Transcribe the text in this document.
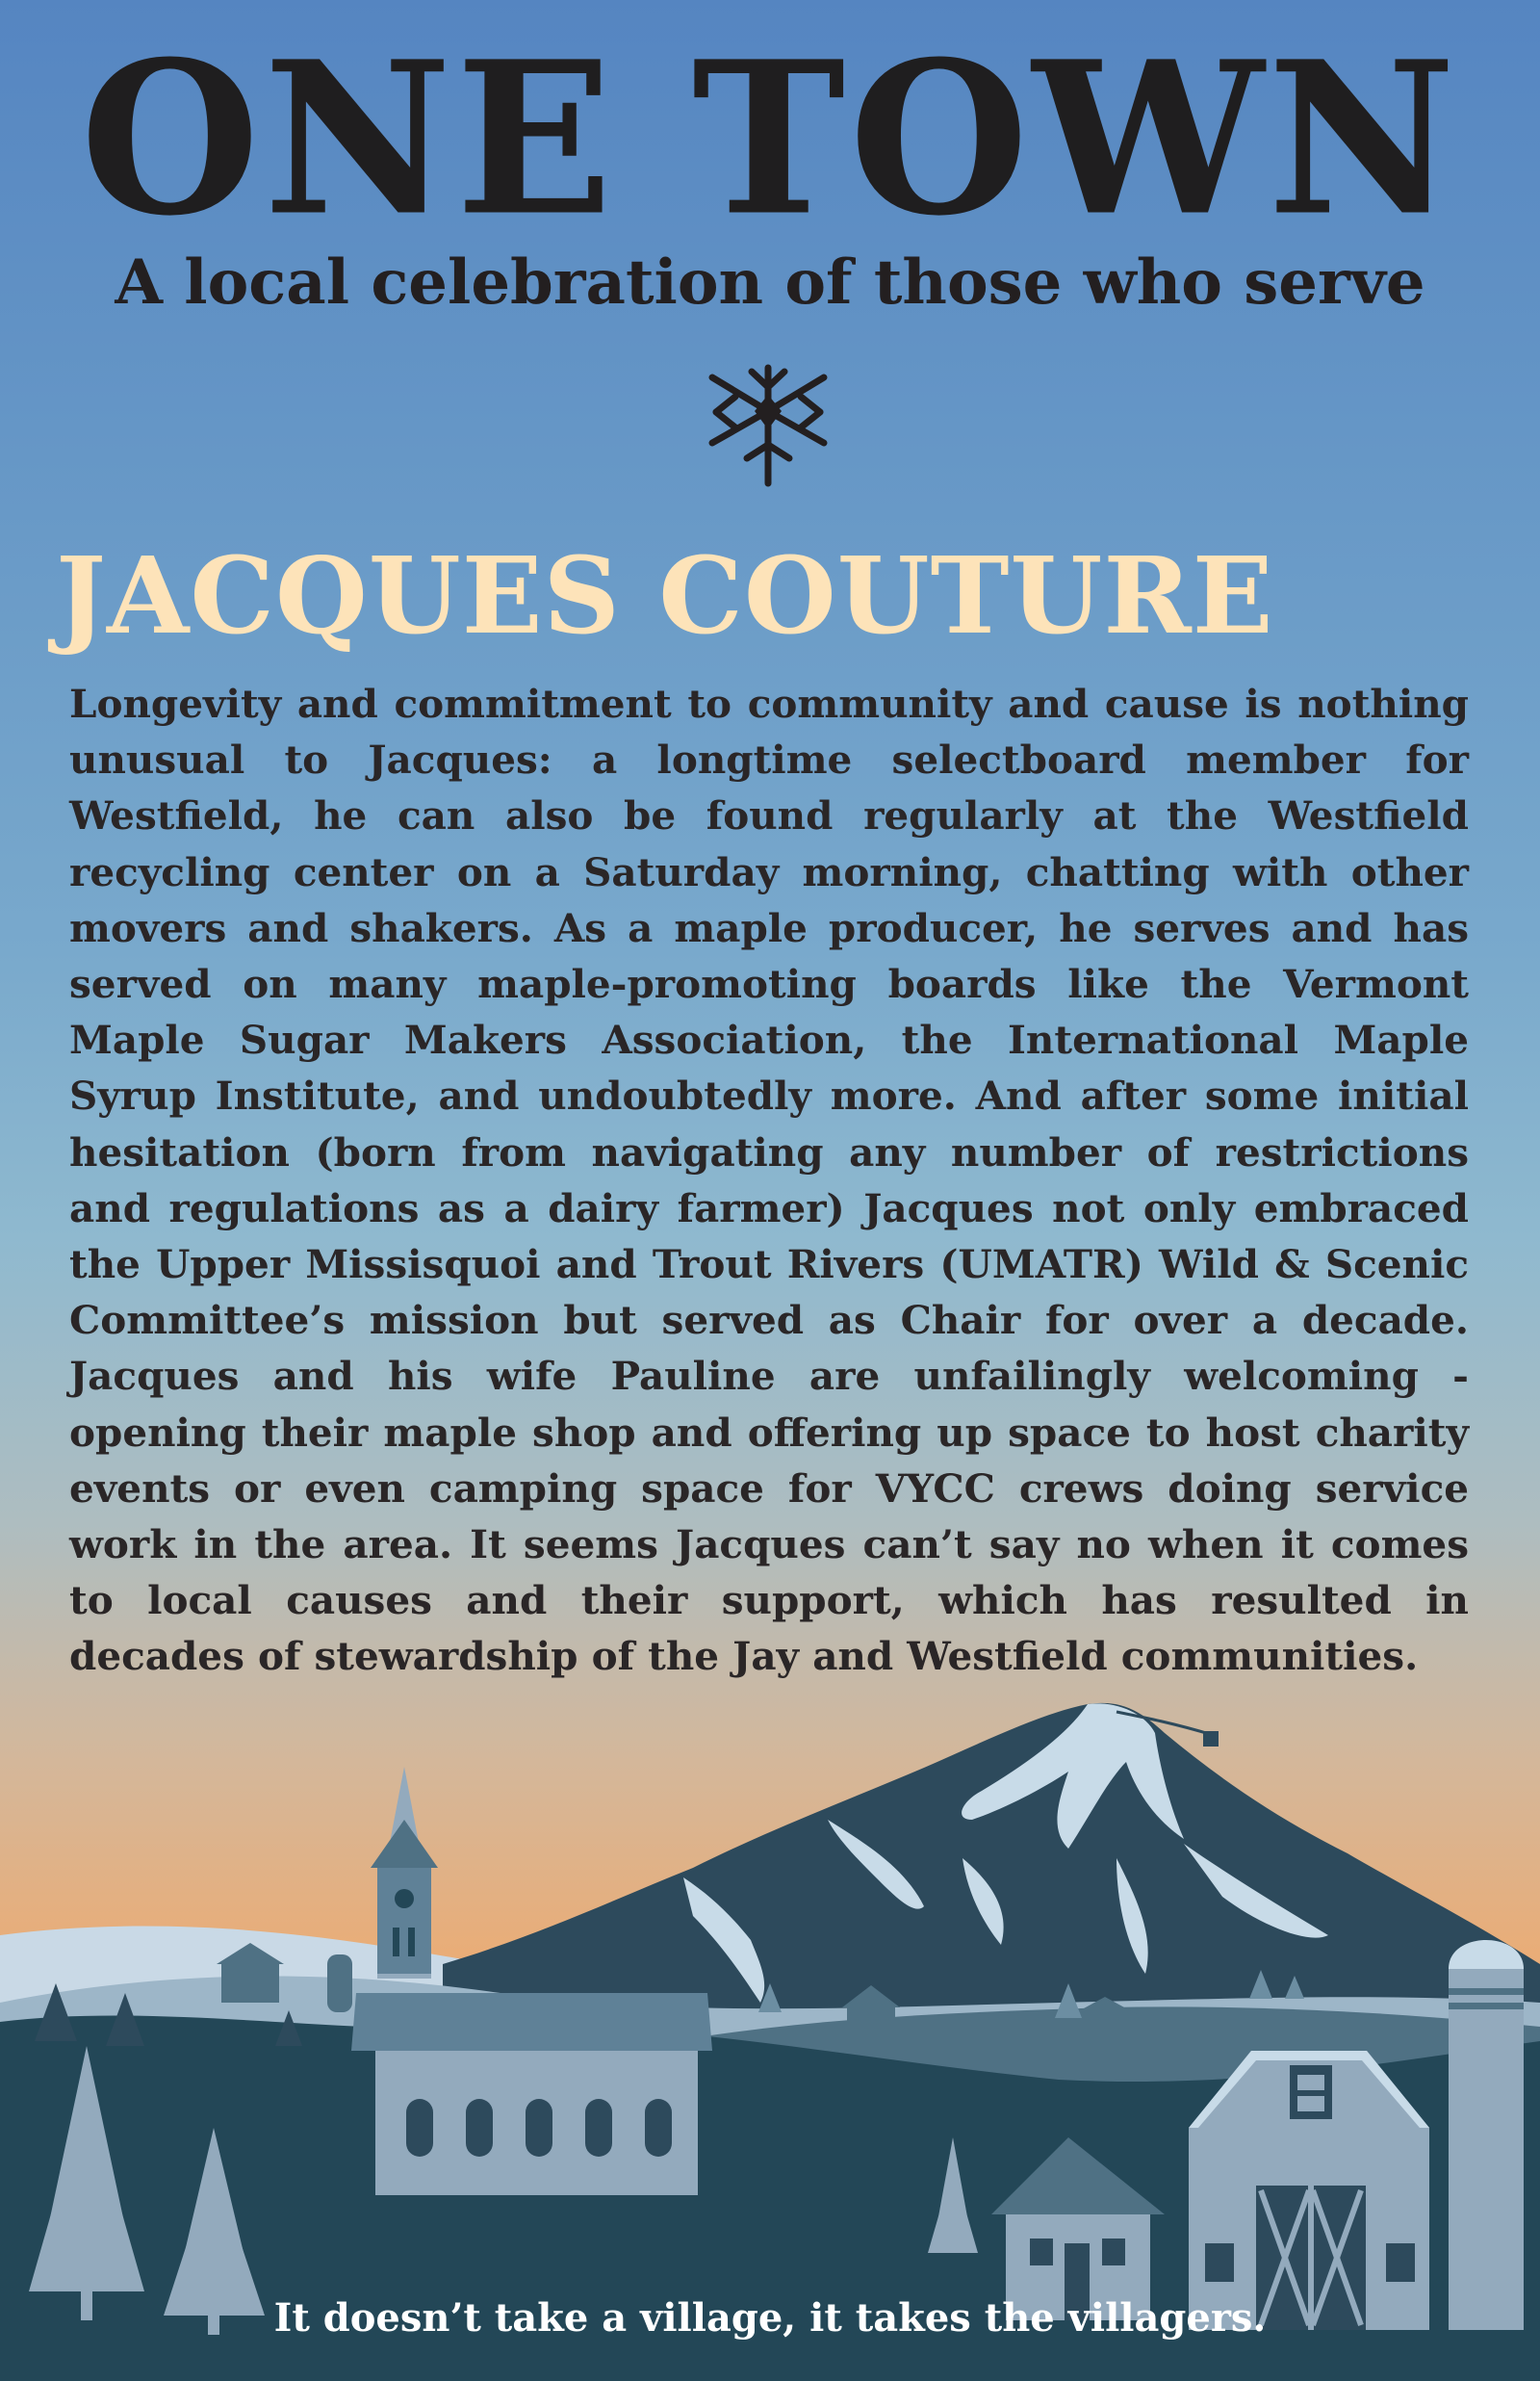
ONE TOWN
A local celebration of those who serve
JACQUES COUTURE

Longevity and commitment to community and cause is nothing unusual to Jacques: a longtime selectboard member for Westfield, he can also be found regularly at the Westfield recycling center on a Saturday morning, chatting with other movers and shakers. As a maple producer, he serves and has served on many maple-promoting boards like the Vermont Maple Sugar Makers Association, the International Maple Syrup Institute, and undoubtedly more. And after some initial hesitation (born from navigating any number of restrictions and regulations as a dairy farmer) Jacques not only embraced the Upper Missisquoi and Trout Rivers (UMATR) Wild & Scenic Committee’s mission but served as Chair for over a decade. Jacques and his wife Pauline are unfailingly welcoming - opening their maple shop and offering up space to host charity events or even camping space for VYCC crews doing service work in the area. It seems Jacques can’t say no when it comes to local causes and their support, which has resulted in decades of stewardship of the Jay and Westfield communities.

It doesn’t take a village, it takes the villagers.
